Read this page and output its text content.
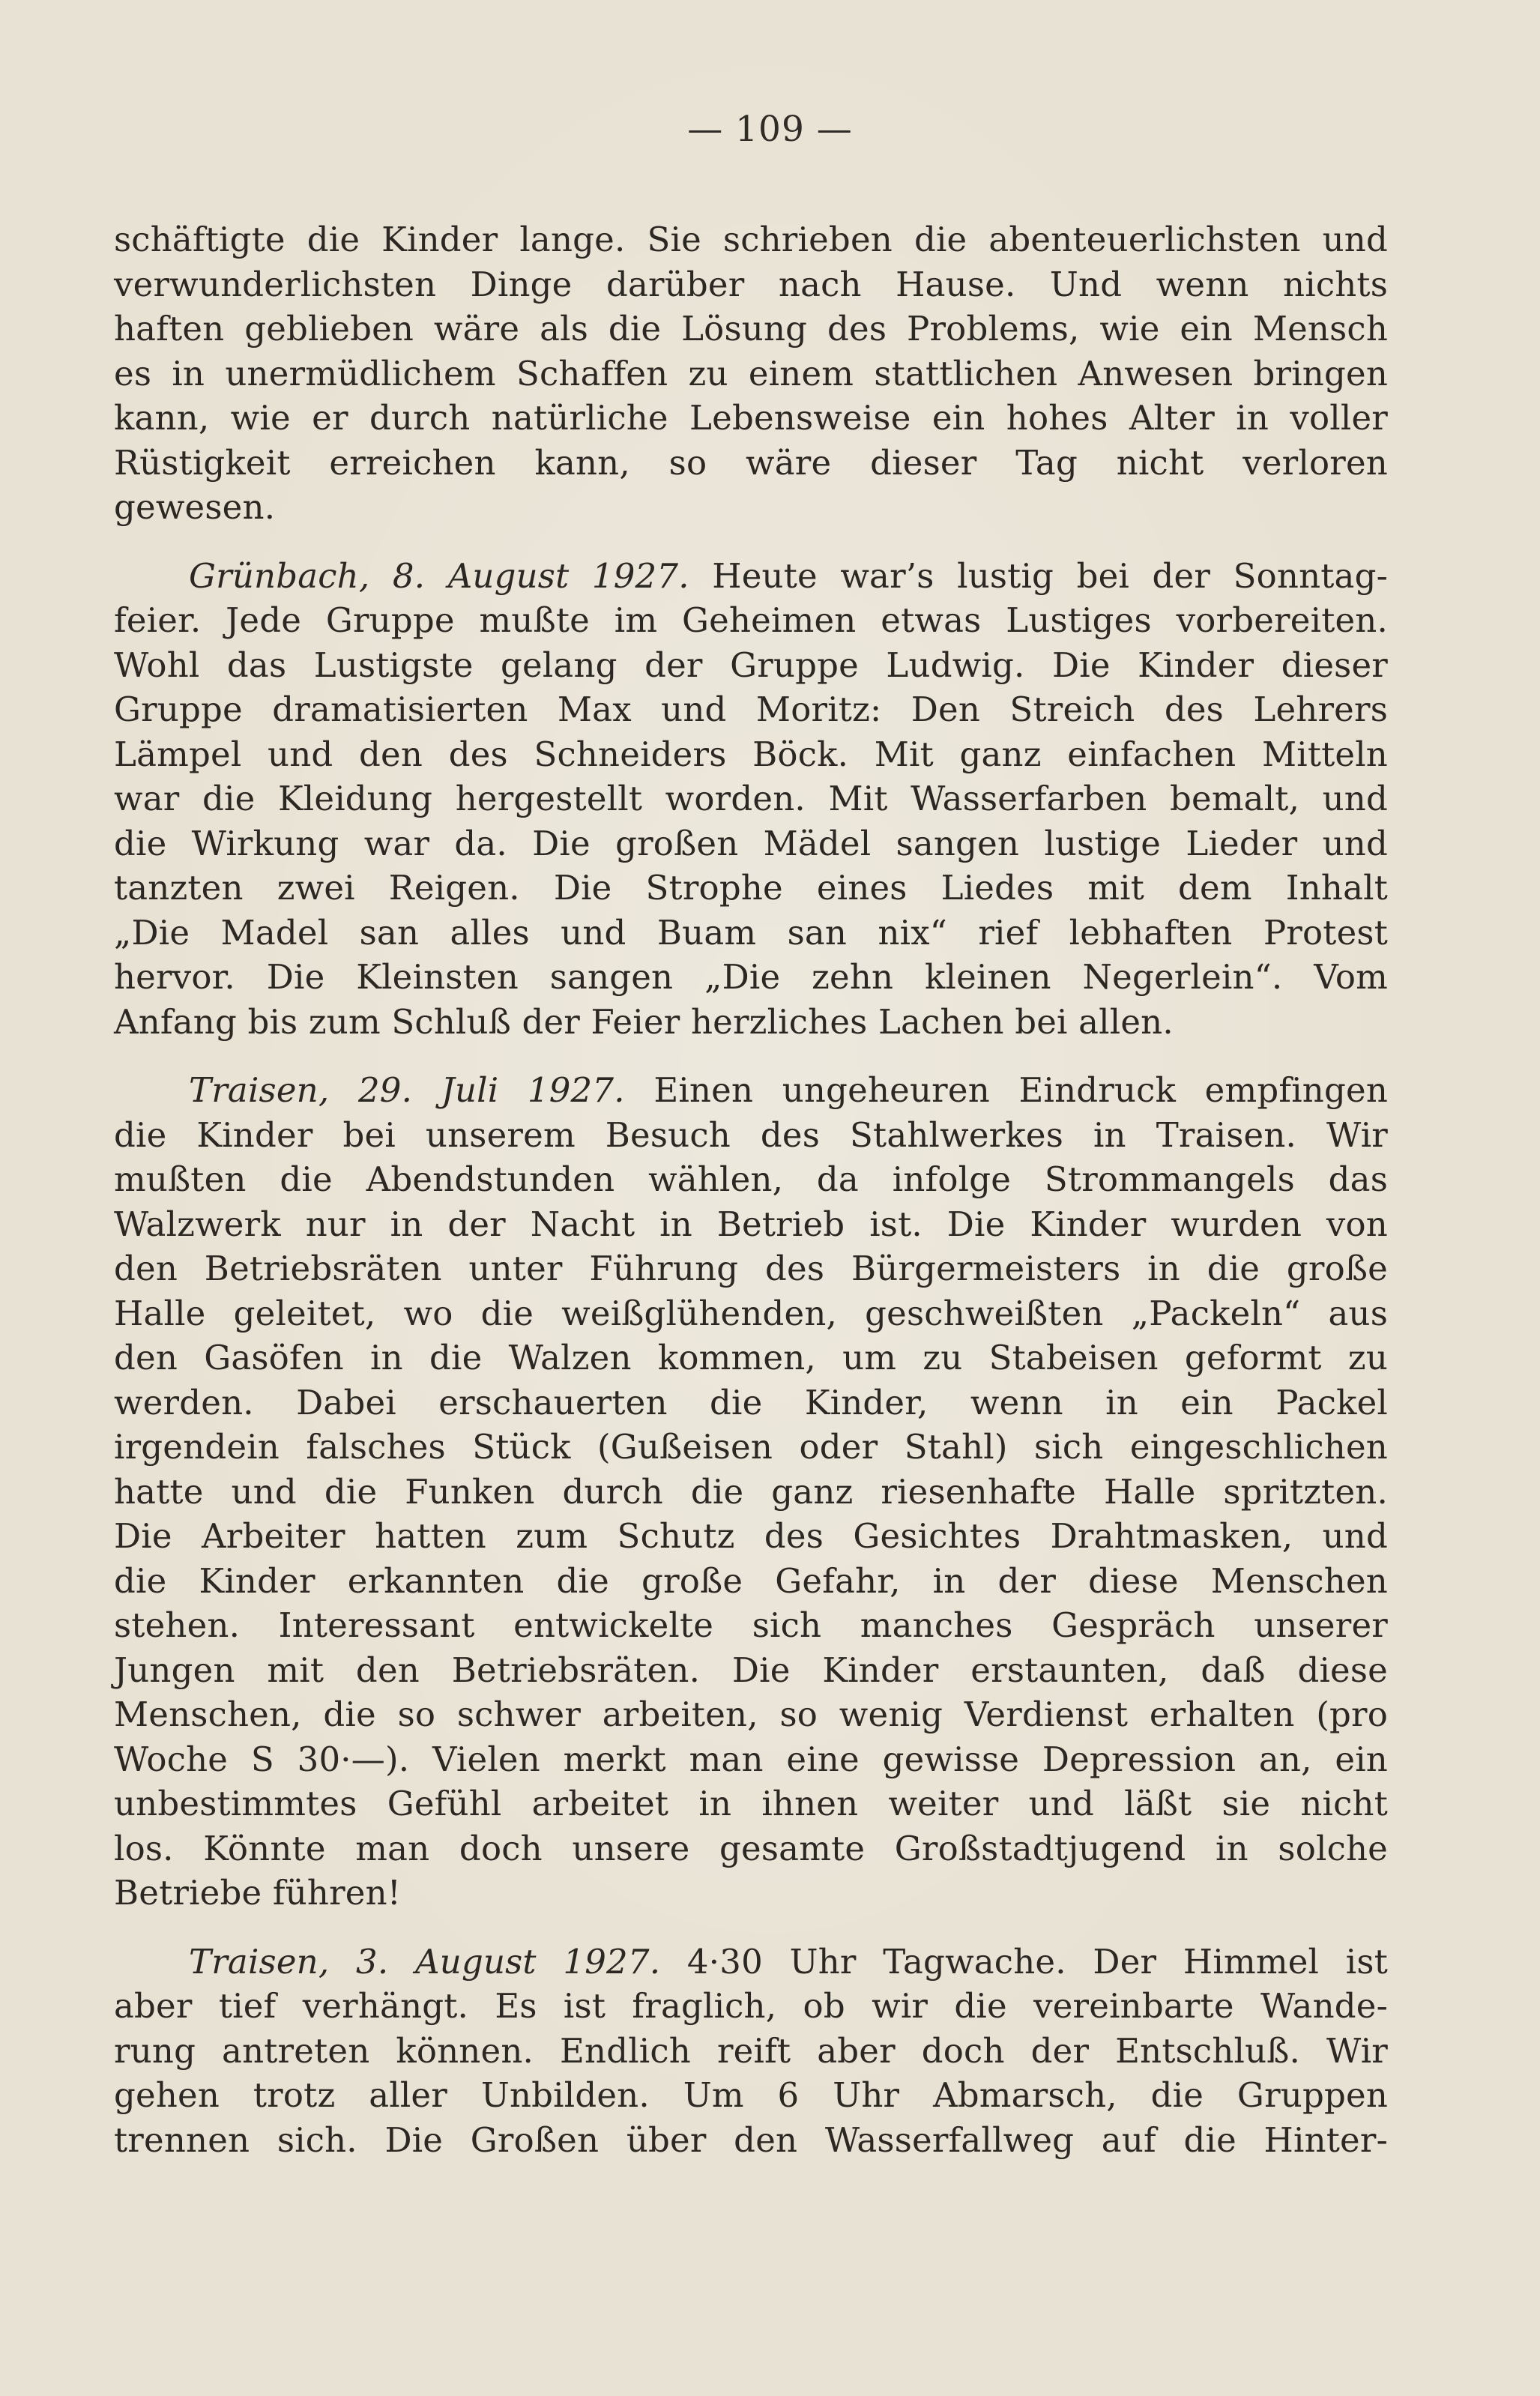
— 109 —
schäftigte die Kinder lange. Sie schrieben die abenteuerlichsten und
verwunderlichsten Dinge darüber nach Hause. Und wenn nichts
haften geblieben wäre als die Lösung des Problems, wie ein Mensch
es in unermüdlichem Schaffen zu einem stattlichen Anwesen bringen
kann, wie er durch natürliche Lebensweise ein hohes Alter in voller
Rüstigkeit erreichen kann, so wäre dieser Tag nicht verloren
gewesen.
Grünbach, 8. August 1927. Heute war’s lustig bei der Sonntag-
feier. Jede Gruppe mußte im Geheimen etwas Lustiges vorbereiten.
Wohl das Lustigste gelang der Gruppe Ludwig. Die Kinder dieser
Gruppe dramatisierten Max und Moritz: Den Streich des Lehrers
Lämpel und den des Schneiders Böck. Mit ganz einfachen Mitteln
war die Kleidung hergestellt worden. Mit Wasserfarben bemalt, und
die Wirkung war da. Die großen Mädel sangen lustige Lieder und
tanzten zwei Reigen. Die Strophe eines Liedes mit dem Inhalt
„Die Madel san alles und Buam san nix“ rief lebhaften Protest
hervor. Die Kleinsten sangen „Die zehn kleinen Negerlein“. Vom
Anfang bis zum Schluß der Feier herzliches Lachen bei allen.
Traisen, 29. Juli 1927. Einen ungeheuren Eindruck empfingen
die Kinder bei unserem Besuch des Stahlwerkes in Traisen. Wir
mußten die Abendstunden wählen, da infolge Strommangels das
Walzwerk nur in der Nacht in Betrieb ist. Die Kinder wurden von
den Betriebsräten unter Führung des Bürgermeisters in die große
Halle geleitet, wo die weißglühenden, geschweißten „Packeln“ aus
den Gasöfen in die Walzen kommen, um zu Stabeisen geformt zu
werden. Dabei erschauerten die Kinder, wenn in ein Packel
irgendein falsches Stück (Gußeisen oder Stahl) sich eingeschlichen
hatte und die Funken durch die ganz riesenhafte Halle spritzten.
Die Arbeiter hatten zum Schutz des Gesichtes Drahtmasken, und
die Kinder erkannten die große Gefahr, in der diese Menschen
stehen. Interessant entwickelte sich manches Gespräch unserer
Jungen mit den Betriebsräten. Die Kinder erstaunten, daß diese
Menschen, die so schwer arbeiten, so wenig Verdienst erhalten (pro
Woche S 30·—). Vielen merkt man eine gewisse Depression an, ein
unbestimmtes Gefühl arbeitet in ihnen weiter und läßt sie nicht
los. Könnte man doch unsere gesamte Großstadtjugend in solche
Betriebe führen!
Traisen, 3. August 1927. 4·30 Uhr Tagwache. Der Himmel ist
aber tief verhängt. Es ist fraglich, ob wir die vereinbarte Wande-
rung antreten können. Endlich reift aber doch der Entschluß. Wir
gehen trotz aller Unbilden. Um 6 Uhr Abmarsch, die Gruppen
trennen sich. Die Großen über den Wasserfallweg auf die Hinter-
